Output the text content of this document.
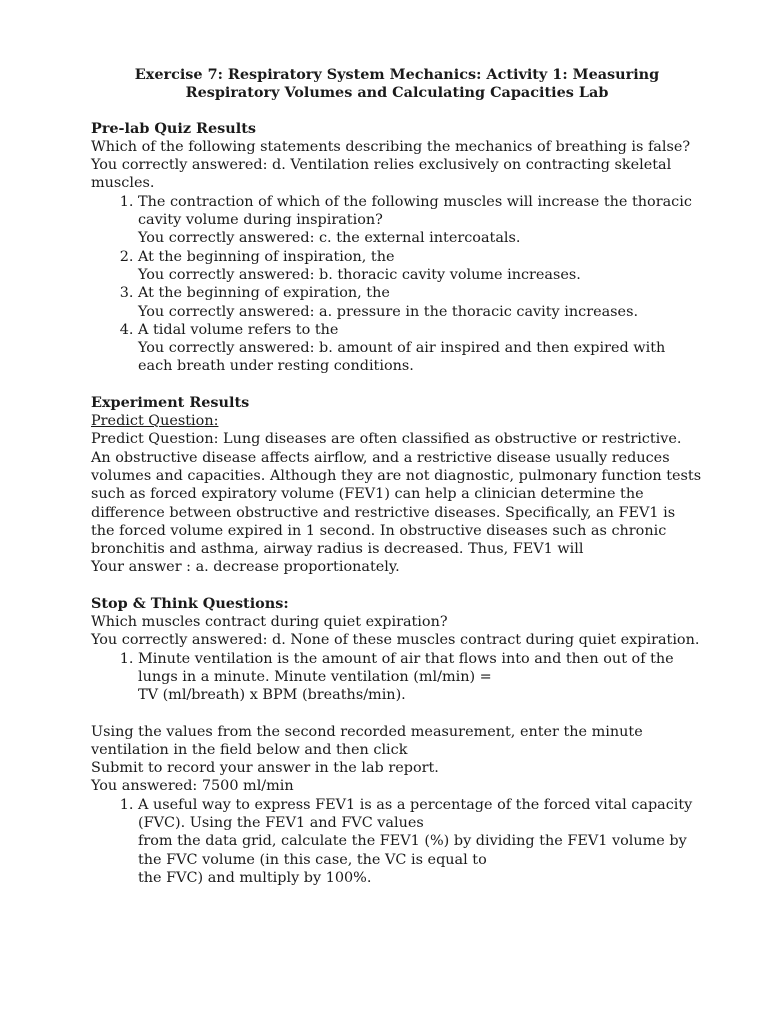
Exercise 7: Respiratory System Mechanics: Activity 1: Measuring Respiratory Volumes and Calculating Capacities Lab
Pre-lab Quiz Results

Which of the following statements describing the mechanics of breathing is false?

You correctly answered: d. Ventilation relies exclusively on contracting skeletal muscles.

1. The contraction of which of the following muscles will increase the thoracic cavity volume during inspiration?
You correctly answered: c. the external intercoatals.
2. At the beginning of inspiration, the
You correctly answered: b. thoracic cavity volume increases.
3. At the beginning of expiration, the
You correctly answered: a. pressure in the thoracic cavity increases.
4. A tidal volume refers to the
You correctly answered: b. amount of air inspired and then expired with each breath under resting conditions.
Experiment Results
Predict Question:

Predict Question: Lung diseases are often classified as obstructive or restrictive. An obstructive disease affects airflow, and a restrictive disease usually reduces volumes and capacities. Although they are not diagnostic, pulmonary function tests such as forced expiratory volume (FEV1) can help a clinician determine the difference between obstructive and restrictive diseases. Specifically, an FEV1 is the forced volume expired in 1 second. In obstructive diseases such as chronic bronchitis and asthma, airway radius is decreased. Thus, FEV1 will

Your answer : a. decrease proportionately.

Stop & Think Questions:

Which muscles contract during quiet expiration?

You correctly answered: d. None of these muscles contract during quiet expiration.

1. Minute ventilation is the amount of air that flows into and then out of the lungs in a minute. Minute ventilation (ml/min) =
TV (ml/breath) x BPM (breaths/min).

Using the values from the second recorded measurement, enter the minute ventilation in the field below and then click

Submit to record your answer in the lab report.

You answered: 7500 ml/min

1. A useful way to express FEV1 is as a percentage of the forced vital capacity (FVC). Using the FEV1 and FVC values
from the data grid, calculate the FEV1 (%) by dividing the FEV1 volume by the FVC volume (in this case, the VC is equal to
the FVC) and multiply by 100%.
